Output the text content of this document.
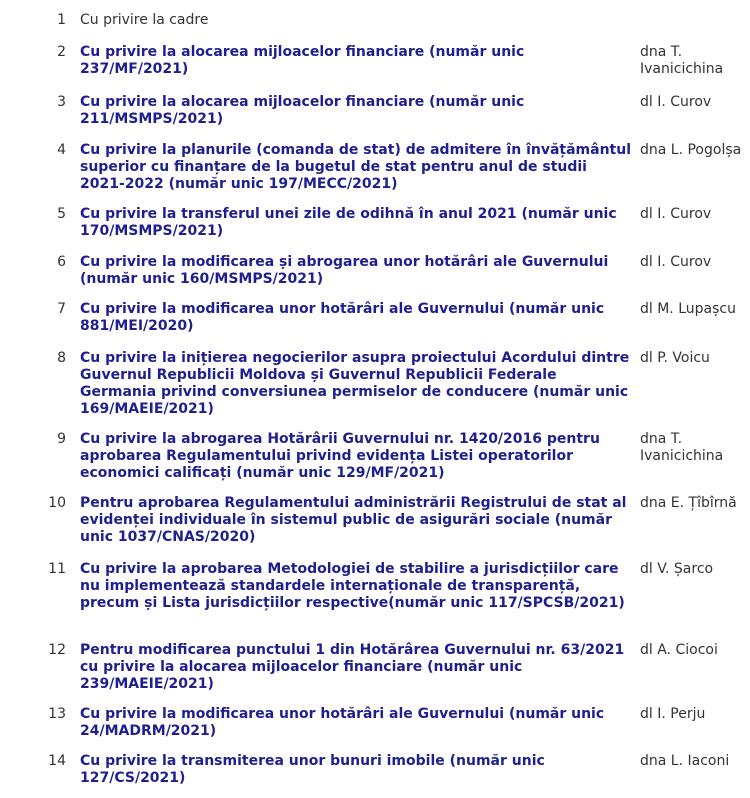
1 Cu privire la cadre
2 Cu privire la alocarea mijloacelor financiare (număr unic 237/MF/2021)
dna T. Ivanicichina
3 Cu privire la alocarea mijloacelor financiare (număr unic 211/MSMPS/2021)
dl I. Curov
4 Cu privire la planurile (comanda de stat) de admitere în învățământul superior cu finanțare de la bugetul de stat pentru anul de studii 2021-2022 (număr unic 197/MECC/2021)
dna L. Pogolșa
5 Cu privire la transferul unei zile de odihnă în anul 2021 (număr unic 170/MSMPS/2021)
dl I. Curov
6 Cu privire la modificarea și abrogarea unor hotărâri ale Guvernului (număr unic 160/MSMPS/2021)
dl I. Curov
7 Cu privire la modificarea unor hotărâri ale Guvernului (număr unic 881/MEI/2020)
dl M. Lupașcu
8 Cu privire la inițierea negocierilor asupra proiectului Acordului dintre Guvernul Republicii Moldova și Guvernul Republicii Federale Germania privind conversiunea permiselor de conducere (număr unic 169/MAEIE/2021)
dl P. Voicu
9 Cu privire la abrogarea Hotărârii Guvernului nr. 1420/2016 pentru aprobarea Regulamentului privind evidența Listei operatorilor economici calificați (număr unic 129/MF/2021)
dna T. Ivanicichina
10 Pentru aprobarea Regulamentului administrării Registrului de stat al evidenței individuale în sistemul public de asigurări sociale (număr unic 1037/CNAS/2020)
dna E. Țîbîrnă
11 Cu privire la aprobarea Metodologiei de stabilire a jurisdicțiilor care nu implementează standardele internaționale de transparență, precum și Lista jurisdicțiilor respective(număr unic 117/SPCSB/2021)
dl V. Șarco
12 Pentru modificarea punctului 1 din Hotărârea Guvernului nr. 63/2021 cu privire la alocarea mijloacelor financiare (număr unic 239/MAEIE/2021)
dl A. Ciocoi
13 Cu privire la modificarea unor hotărâri ale Guvernului (număr unic 24/MADRM/2021)
dl I. Perju
14 Cu privire la transmiterea unor bunuri imobile (număr unic 127/CS/2021)
dna L. Iaconi
